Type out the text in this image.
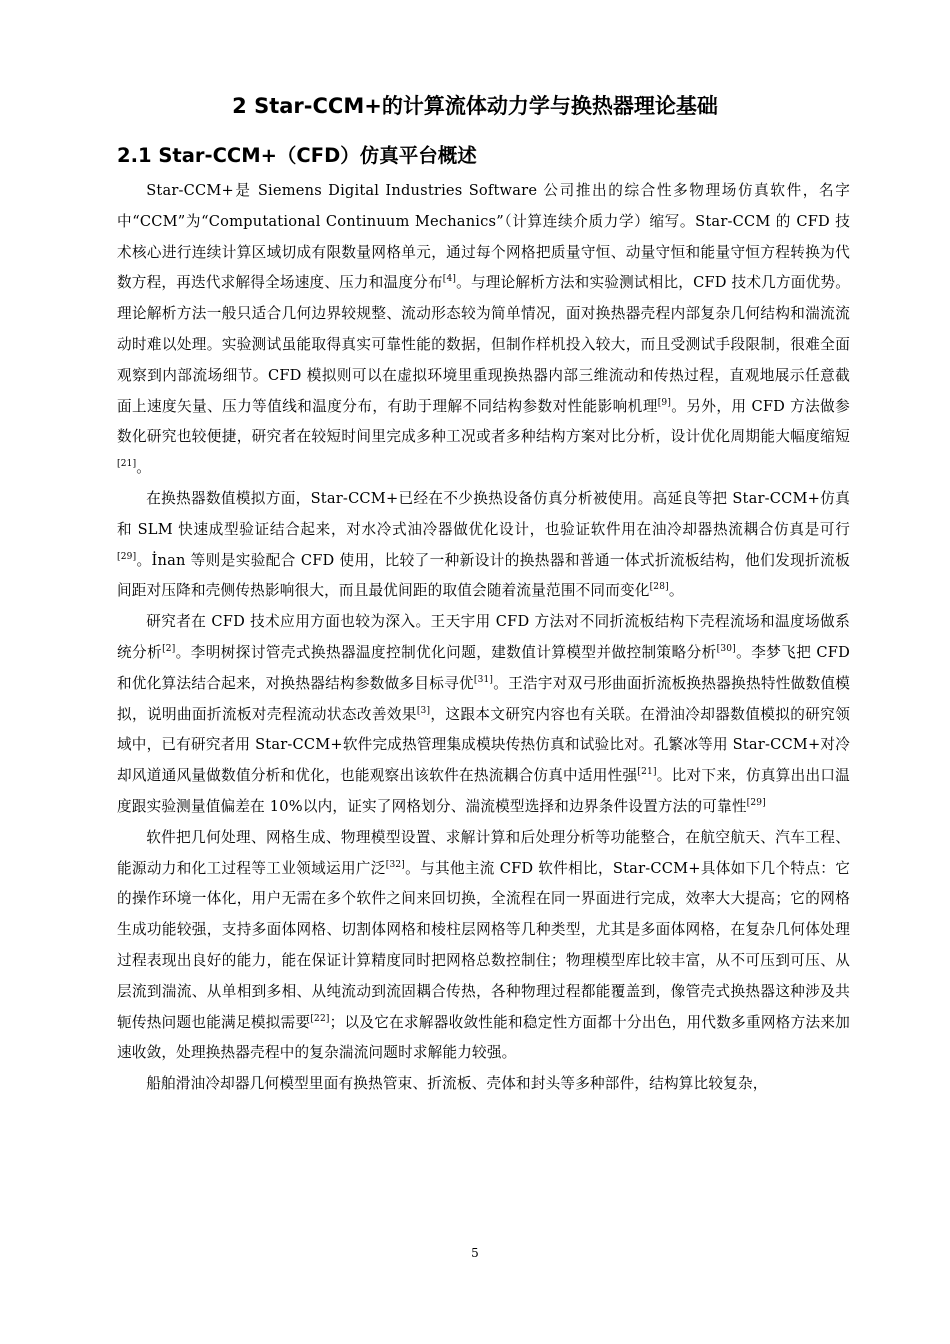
2 Star-CCM+的计算流体动力学与换热器理论基础
2.1 Star-CCM+（CFD）仿真平台概述

Star-CCM+是 Siemens Digital Industries Software 公司推出的综合性多物理场仿真软件，名字中“CCM”为“Computational Continuum Mechanics”（计算连续介质力学）缩写。Star-CCM 的 CFD 技术核心进行连续计算区域切成有限数量网格单元，通过每个网格把质量守恒、动量守恒和能量守恒方程转换为代数方程，再迭代求解得全场速度、压力和温度分布[4]。与理论解析方法和实验测试相比，CFD 技术几方面优势。理论解析方法一般只适合几何边界较规整、流动形态较为简单情况，面对换热器壳程内部复杂几何结构和湍流流动时难以处理。实验测试虽能取得真实可靠性能的数据，但制作样机投入较大，而且受测试手段限制，很难全面观察到内部流场细节。CFD 模拟则可以在虚拟环境里重现换热器内部三维流动和传热过程，直观地展示任意截面上速度矢量、压力等值线和温度分布，有助于理解不同结构参数对性能影响机理[9]。另外，用 CFD 方法做参数化研究也较便捷，研究者在较短时间里完成多种工况或者多种结构方案对比分析，设计优化周期能大幅度缩短[21]。

在换热器数值模拟方面，Star-CCM+已经在不少换热设备仿真分析被使用。高延良等把 Star-CCM+仿真和 SLM 快速成型验证结合起来，对水冷式油冷器做优化设计，也验证软件用在油冷却器热流耦合仿真是可行[29]。İnan 等则是实验配合 CFD 使用，比较了一种新设计的换热器和普通一体式折流板结构，他们发现折流板间距对压降和壳侧传热影响很大，而且最优间距的取值会随着流量范围不同而变化[28]。

研究者在 CFD 技术应用方面也较为深入。王天宇用 CFD 方法对不同折流板结构下壳程流场和温度场做系统分析[2]。李明树探讨管壳式换热器温度控制优化问题，建数值计算模型并做控制策略分析[30]。李梦飞把 CFD 和优化算法结合起来，对换热器结构参数做多目标寻优[31]。王浩宇对双弓形曲面折流板换热器换热特性做数值模拟，说明曲面折流板对壳程流动状态改善效果[3]，这跟本文研究内容也有关联。在滑油冷却器数值模拟的研究领域中，已有研究者用 Star-CCM+软件完成热管理集成模块传热仿真和试验比对。孔繁冰等用 Star-CCM+对冷却风道通风量做数值分析和优化，也能观察出该软件在热流耦合仿真中适用性强[21]。比对下来，仿真算出出口温度跟实验测量值偏差在 10%以内，证实了网格划分、湍流模型选择和边界条件设置方法的可靠性[29]

软件把几何处理、网格生成、物理模型设置、求解计算和后处理分析等功能整合，在航空航天、汽车工程、能源动力和化工过程等工业领域运用广泛[32]。与其他主流 CFD 软件相比，Star-CCM+具体如下几个特点：它的操作环境一体化，用户无需在多个软件之间来回切换，全流程在同一界面进行完成，效率大大提高；它的网格生成功能较强，支持多面体网格、切割体网格和棱柱层网格等几种类型，尤其是多面体网格，在复杂几何体处理过程表现出良好的能力，能在保证计算精度同时把网格总数控制住；物理模型库比较丰富，从不可压到可压、从层流到湍流、从单相到多相、从纯流动到流固耦合传热，各种物理过程都能覆盖到，像管壳式换热器这种涉及共轭传热问题也能满足模拟需要[22]；以及它在求解器收敛性能和稳定性方面都十分出色，用代数多重网格方法来加速收敛，处理换热器壳程中的复杂湍流问题时求解能力较强。

船舶滑油冷却器几何模型里面有换热管束、折流板、壳体和封头等多种部件，结构算比较复杂，

5
